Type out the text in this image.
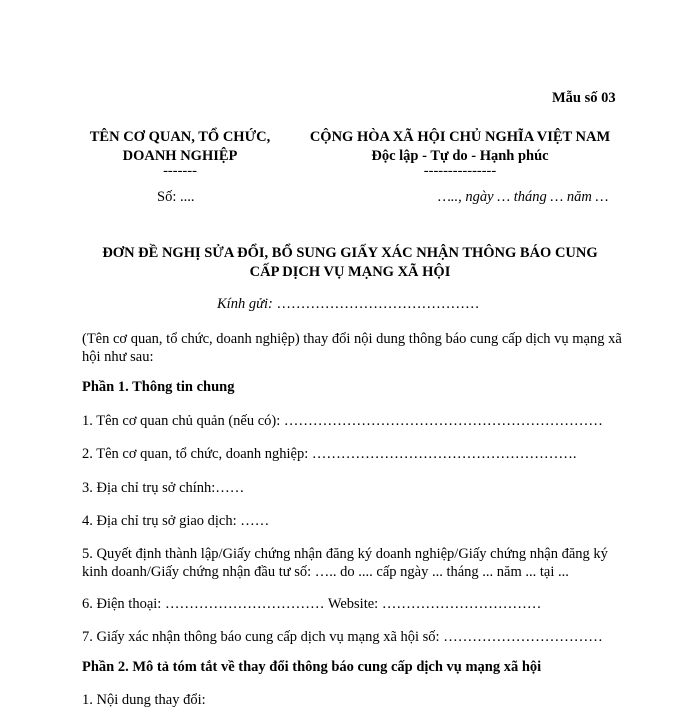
Mẫu số 03
TÊN CƠ QUAN, TỔ CHỨC,
DOANH NGHIỆP
-------
CỘNG HÒA XÃ HỘI CHỦ NGHĨA VIỆT NAM
Độc lập - Tự do - Hạnh phúc
---------------
Số: ....	….., ngày … tháng … năm …
ĐƠN ĐỀ NGHỊ SỬA ĐỔI, BỔ SUNG GIẤY XÁC NHẬN THÔNG BÁO CUNG
CẤP DỊCH VỤ MẠNG XÃ HỘI
Kính gửi: ……………………………………
(Tên cơ quan, tổ chức, doanh nghiệp) thay đổi nội dung thông báo cung cấp dịch vụ mạng xã hội như sau:
Phần 1. Thông tin chung
1. Tên cơ quan chủ quản (nếu có): …………………………………………………………
2. Tên cơ quan, tổ chức, doanh nghiệp: ……………………………………………….
3. Địa chỉ trụ sở chính:……
4. Địa chỉ trụ sở giao dịch: ……
5. Quyết định thành lập/Giấy chứng nhận đăng ký doanh nghiệp/Giấy chứng nhận đăng ký kinh doanh/Giấy chứng nhận đầu tư số: ….. do .... cấp ngày ... tháng ... năm ... tại ...
6. Điện thoại: …………………………… Website: ……………………………
7. Giấy xác nhận thông báo cung cấp dịch vụ mạng xã hội số: ……………………………
Phần 2. Mô tả tóm tắt về thay đổi thông báo cung cấp dịch vụ mạng xã hội
1. Nội dung thay đổi:
